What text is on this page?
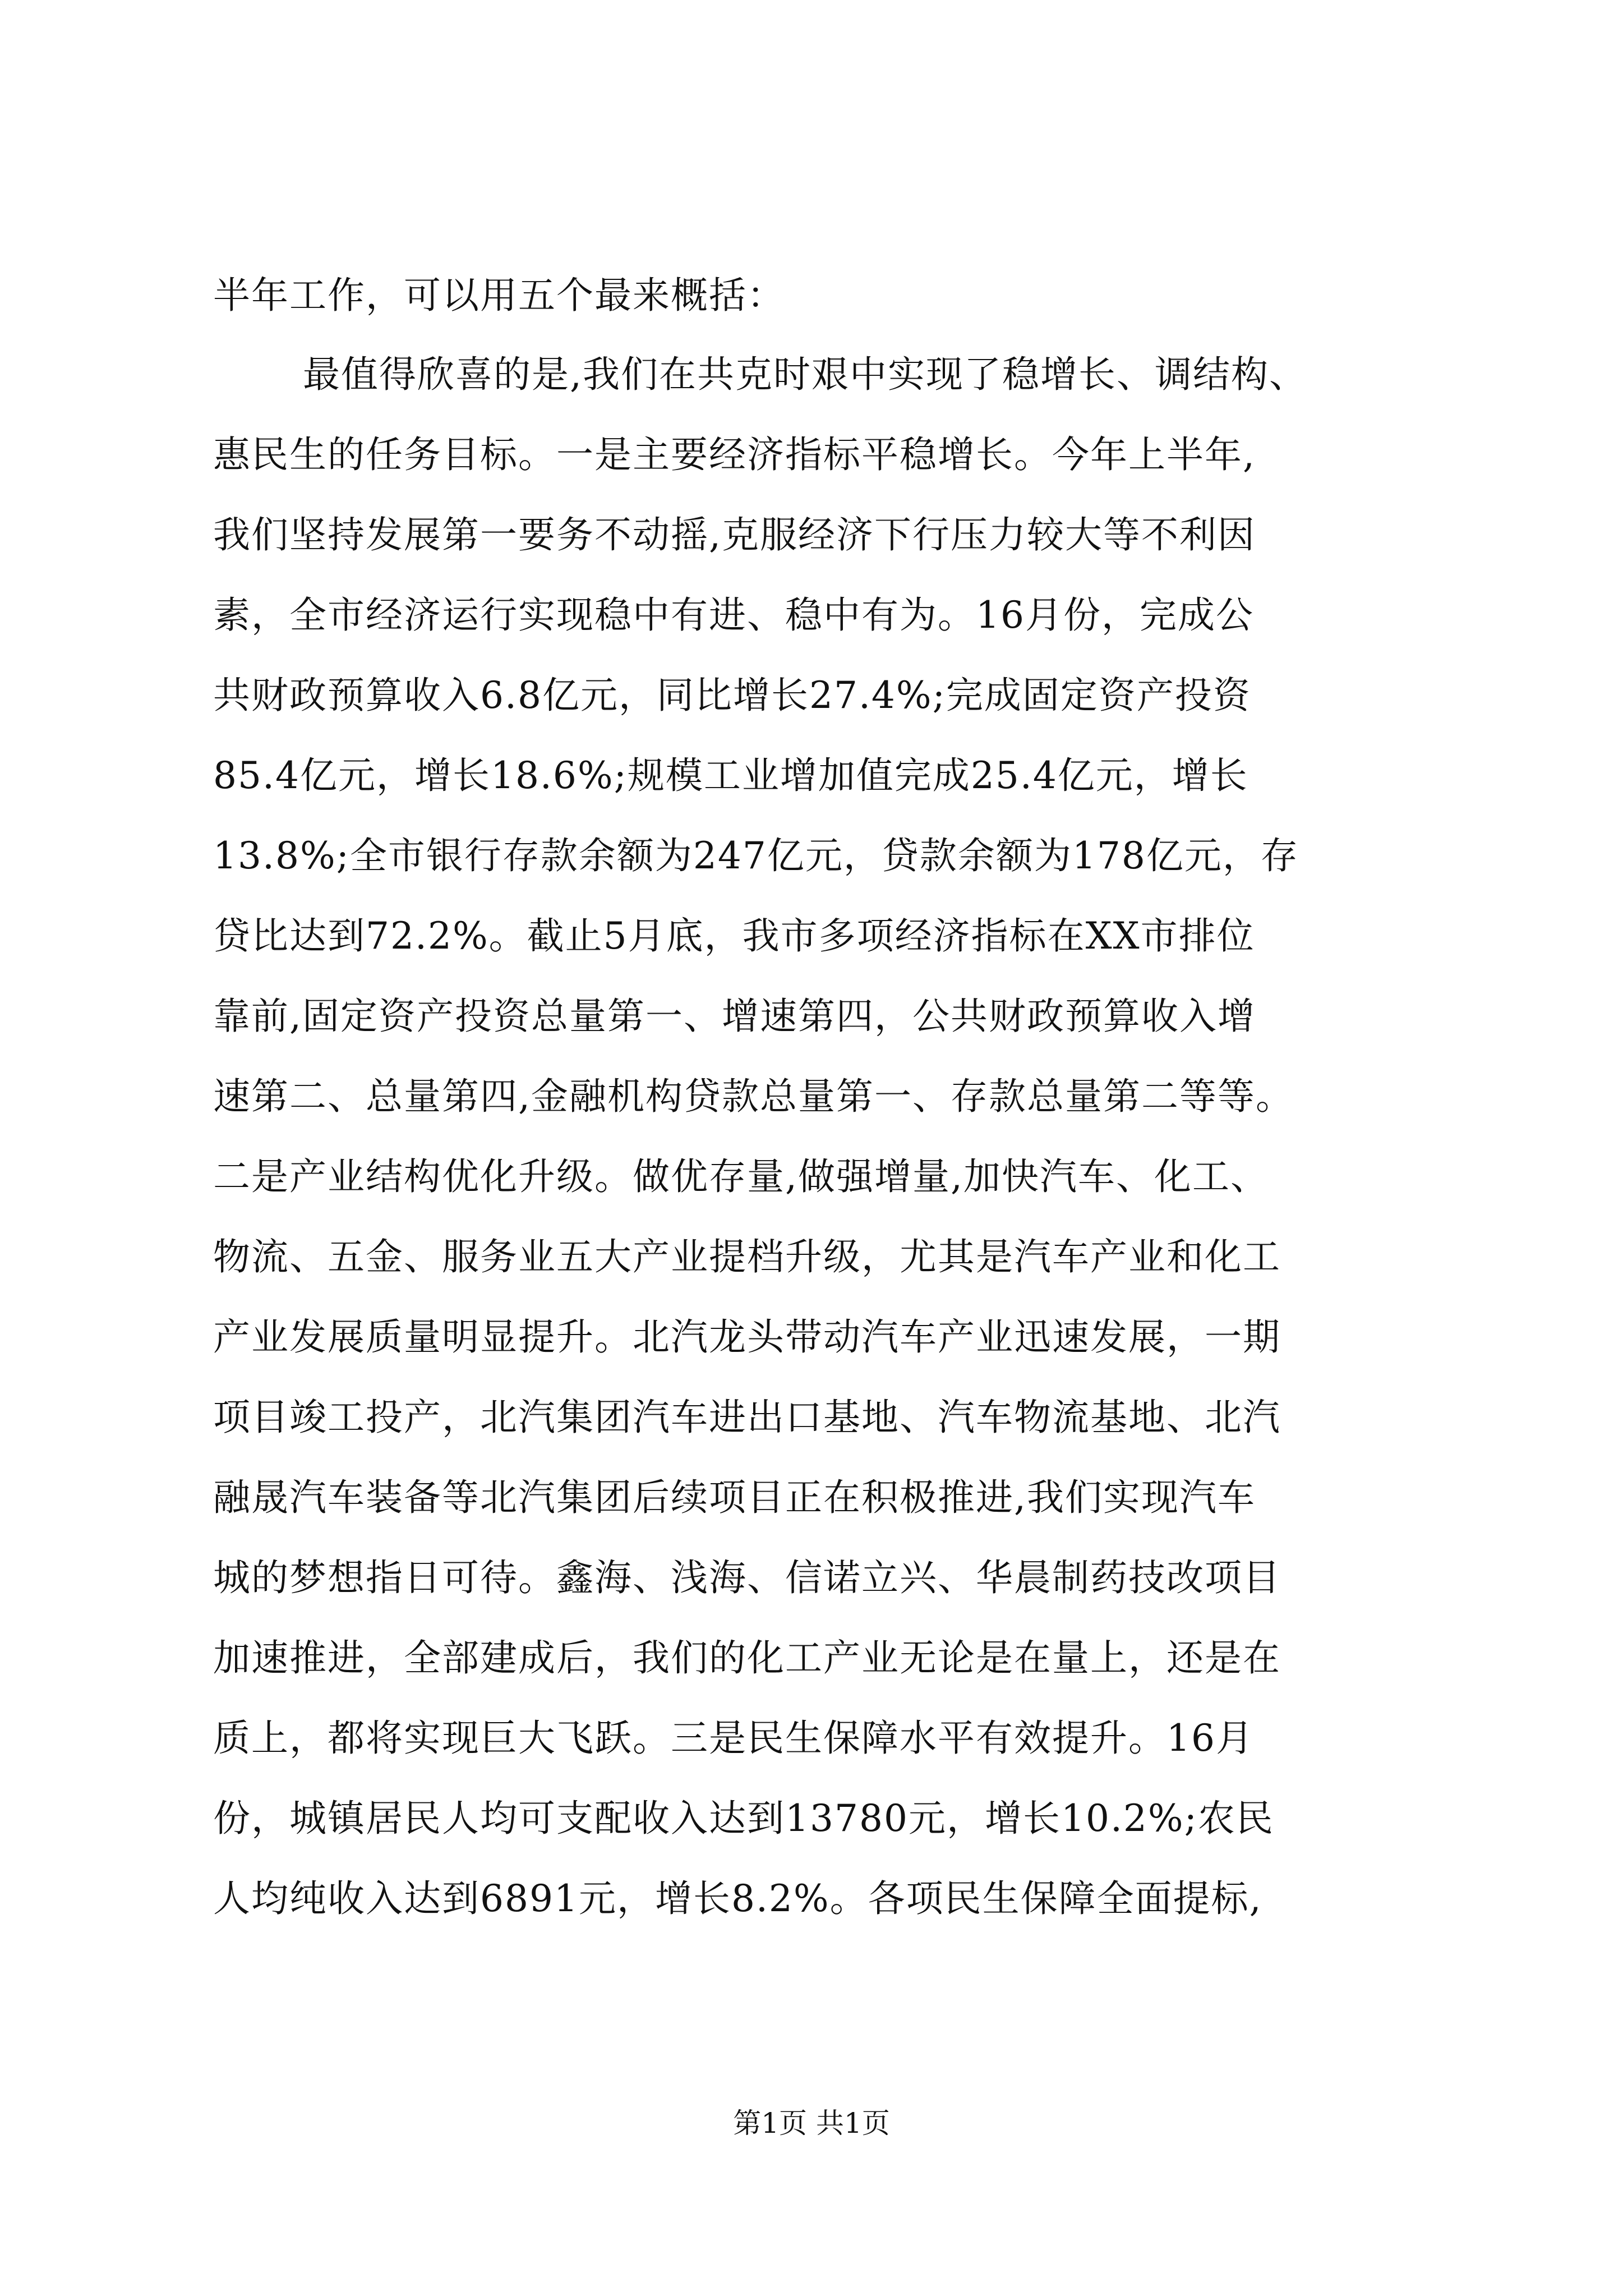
半年工作，可以用五个最来概括：
最值得欣喜的是,我们在共克时艰中实现了稳增长、调结构、
惠民生的任务目标。一是主要经济指标平稳增长。今年上半年,
我们坚持发展第一要务不动摇,克服经济下行压力较大等不利因
素，全市经济运行实现稳中有进、稳中有为。16月份，完成公
共财政预算收入6.8亿元，同比增长27.4%;完成固定资产投资
85.4亿元，增长18.6%;规模工业增加值完成25.4亿元，增长
13.8%;全市银行存款余额为247亿元，贷款余额为178亿元，存
贷比达到72.2%。截止5月底，我市多项经济指标在XX市排位
靠前,固定资产投资总量第一、增速第四，公共财政预算收入增
速第二、总量第四,金融机构贷款总量第一、存款总量第二等等。
二是产业结构优化升级。做优存量,做强增量,加快汽车、化工、
物流、五金、服务业五大产业提档升级，尤其是汽车产业和化工
产业发展质量明显提升。北汽龙头带动汽车产业迅速发展，一期
项目竣工投产，北汽集团汽车进出口基地、汽车物流基地、北汽
融晟汽车装备等北汽集团后续项目正在积极推进,我们实现汽车
城的梦想指日可待。鑫海、浅海、信诺立兴、华晨制药技改项目
加速推进，全部建成后，我们的化工产业无论是在量上，还是在
质上，都将实现巨大飞跃。三是民生保障水平有效提升。16月
份，城镇居民人均可支配收入达到13780元，增长10.2%;农民
人均纯收入达到6891元，增长8.2%。各项民生保障全面提标,
第1页 共1页
